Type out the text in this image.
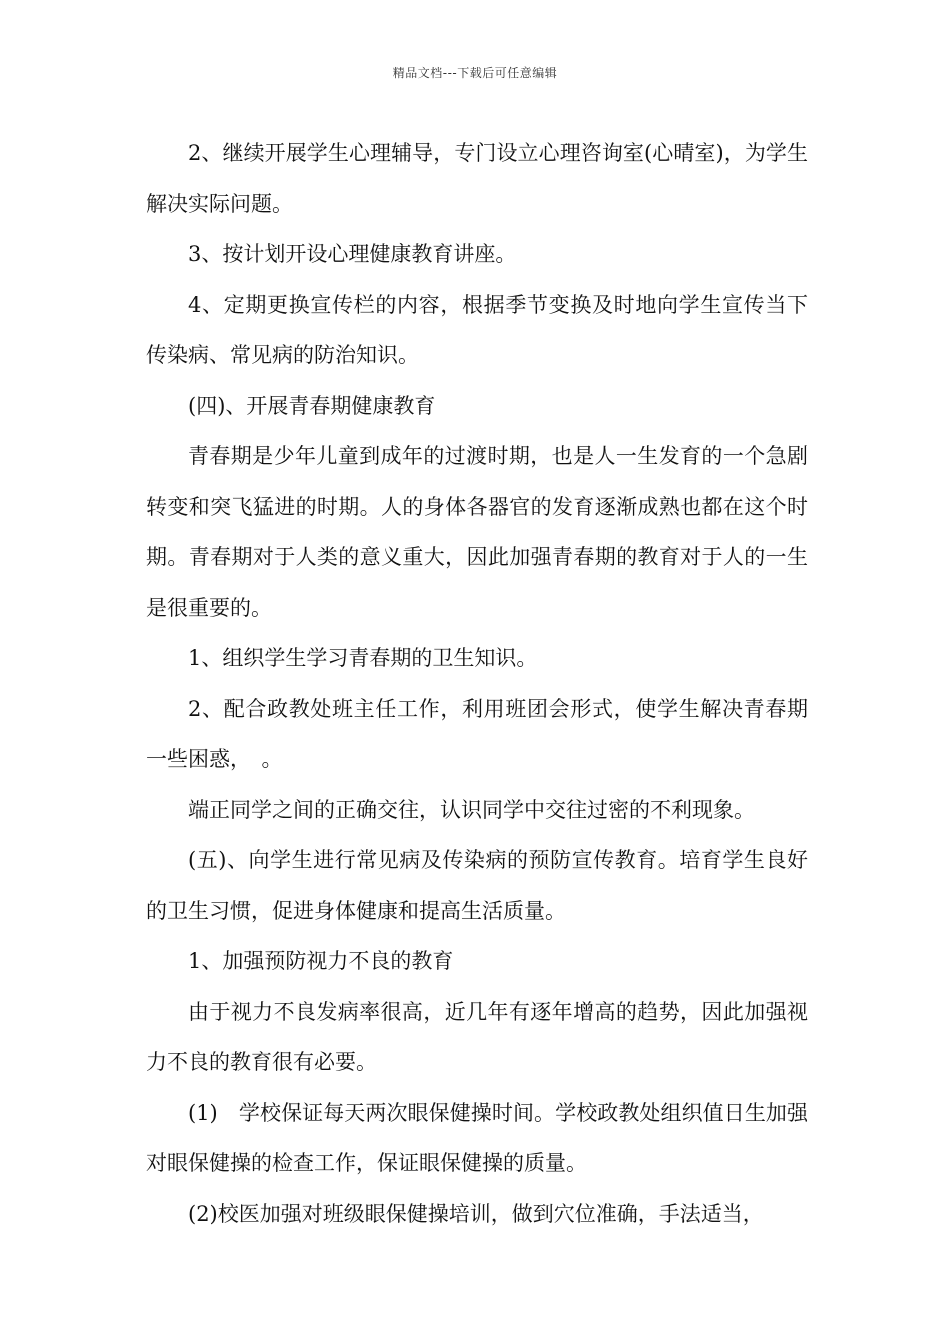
精品文档---下载后可任意编辑

2、继续开展学生心理辅导，专门设立心理咨询室(心晴室)，为学生解决实际问题。

3、按计划开设心理健康教育讲座。

4、定期更换宣传栏的内容，根据季节变换及时地向学生宣传当下传染病、常见病的防治知识。

(四)、开展青春期健康教育

青春期是少年儿童到成年的过渡时期，也是人一生发育的一个急剧转变和突飞猛进的时期。人的身体各器官的发育逐渐成熟也都在这个时期。青春期对于人类的意义重大，因此加强青春期的教育对于人的一生是很重要的。

1、组织学生学习青春期的卫生知识。

2、配合政教处班主任工作，利用班团会形式，使学生解决青春期一些困惑，　。

端正同学之间的正确交往，认识同学中交往过密的不利现象。

(五)、向学生进行常见病及传染病的预防宣传教育。培育学生良好的卫生习惯，促进身体健康和提高生活质量。

1、加强预防视力不良的教育

由于视力不良发病率很高，近几年有逐年增高的趋势，因此加强视力不良的教育很有必要。

(1)　学校保证每天两次眼保健操时间。学校政教处组织值日生加强对眼保健操的检查工作，保证眼保健操的质量。

(2)校医加强对班级眼保健操培训，做到穴位准确，手法适当，
